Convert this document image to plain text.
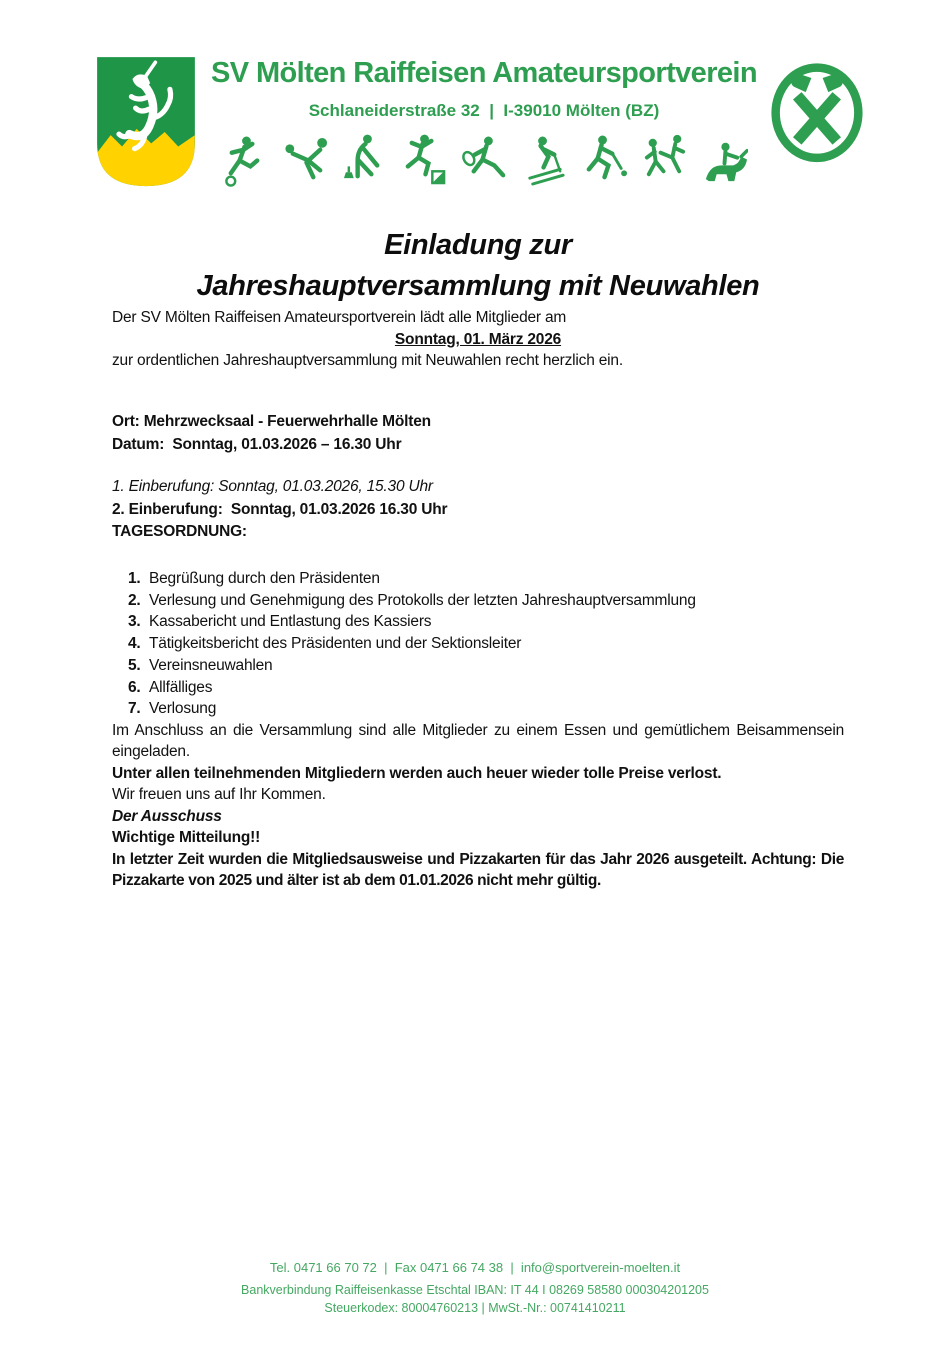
SV Mölten Raiffeisen Amateursportverein
Schlaneiderstraße 32  |  I-39010 Mölten (BZ)
Einladung zur
Jahreshauptversammlung mit Neuwahlen

Der SV Mölten Raiffeisen Amateursportverein lädt alle Mitglieder am

Sonntag, 01. März 2026

zur ordentlichen Jahreshauptversammlung mit Neuwahlen recht herzlich ein.

Ort: Mehrzwecksaal - Feuerwehrhalle Mölten
Datum:  Sonntag, 01.03.2026 – 16.30 Uhr
1. Einberufung: Sonntag, 01.03.2026, 15.30 Uhr
2. Einberufung:  Sonntag, 01.03.2026 16.30 Uhr

TAGESORDNUNG:

1. Begrüßung durch den Präsidenten
2. Verlesung und Genehmigung des Protokolls der letzten Jahreshauptversammlung
3. Kassabericht und Entlastung des Kassiers
4. Tätigkeitsbericht des Präsidenten und der Sektionsleiter
5. Vereinsneuwahlen
6. Allfälliges
7. Verlosung

Im Anschluss an die Versammlung sind alle Mitglieder zu einem Essen und gemütlichem Beisammensein eingeladen.

Unter allen teilnehmenden Mitgliedern werden auch heuer wieder tolle Preise verlost.

Wir freuen uns auf Ihr Kommen.

Der Ausschuss

Wichtige Mitteilung!!

In letzter Zeit wurden die Mitgliedsausweise und Pizzakarten für das Jahr 2026 ausgeteilt. Achtung: Die Pizzakarte von 2025 und älter ist ab dem 01.01.2026 nicht mehr gültig.

Tel. 0471 66 70 72  |  Fax 0471 66 74 38  |  info@sportverein-moelten.it
Bankverbindung Raiffeisenkasse Etschtal IBAN: IT 44 I 08269 58580 000304201205
Steuerkodex: 80004760213 | MwSt.-Nr.: 00741410211
